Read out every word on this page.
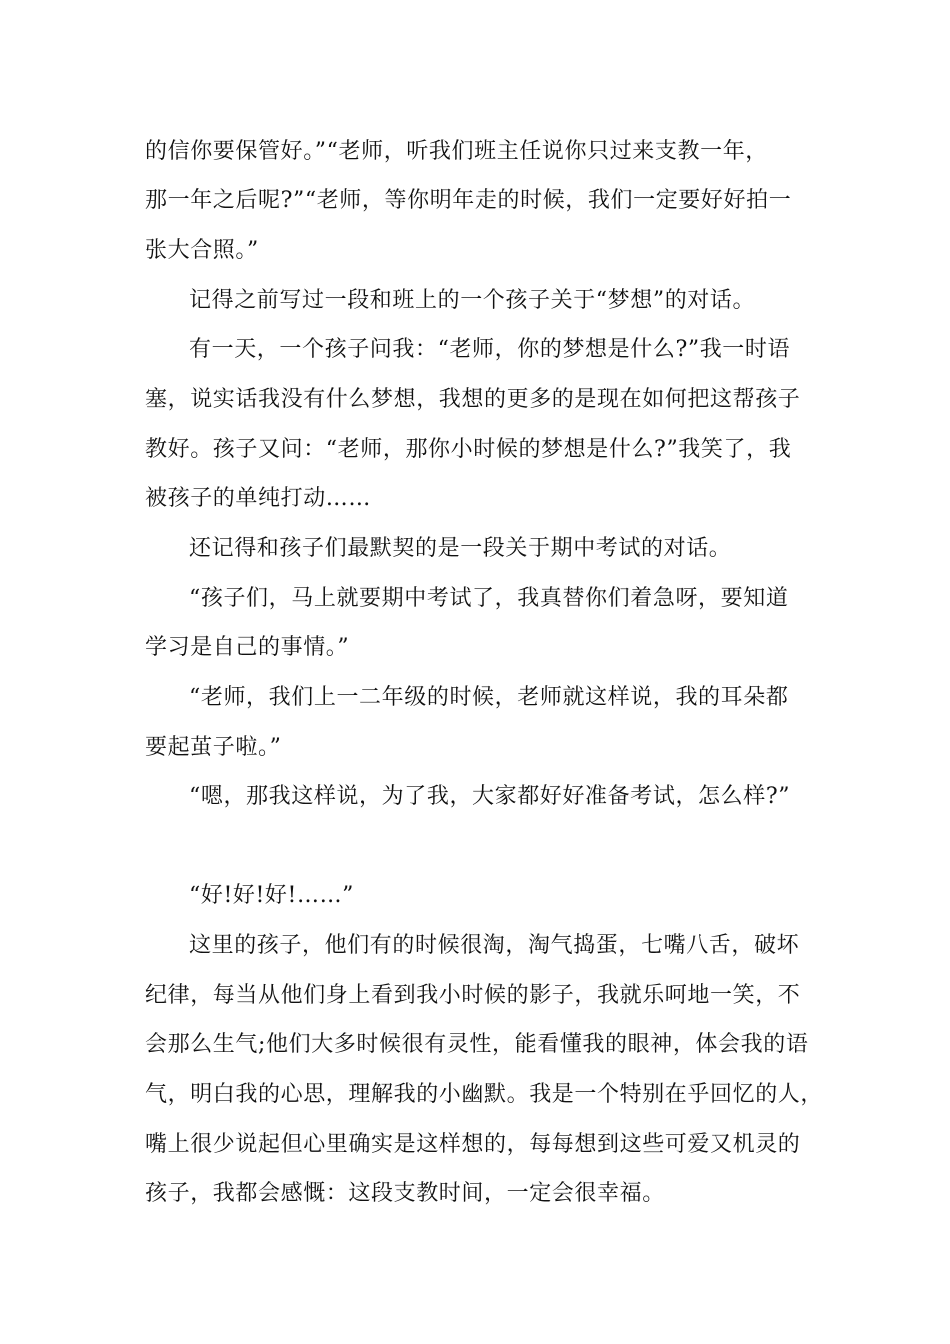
的信你要保管好。”“老师，听我们班主任说你只过来支教一年，
那一年之后呢?”“老师，等你明年走的时候，我们一定要好好拍一
张大合照。”
记得之前写过一段和班上的一个孩子关于“梦想”的对话。
有一天，一个孩子问我：“老师，你的梦想是什么?”我一时语
塞，说实话我没有什么梦想，我想的更多的是现在如何把这帮孩子
教好。孩子又问：“老师，那你小时候的梦想是什么?”我笑了，我
被孩子的单纯打动……
还记得和孩子们最默契的是一段关于期中考试的对话。
“孩子们，马上就要期中考试了，我真替你们着急呀，要知道
学习是自己的事情。”
“老师，我们上一二年级的时候，老师就这样说，我的耳朵都
要起茧子啦。”
“嗯，那我这样说，为了我，大家都好好准备考试，怎么样?”
“好!好!好!……”
这里的孩子，他们有的时候很淘，淘气捣蛋，七嘴八舌，破坏
纪律，每当从他们身上看到我小时候的影子，我就乐呵地一笑，不
会那么生气;他们大多时候很有灵性，能看懂我的眼神，体会我的语
气，明白我的心思，理解我的小幽默。我是一个特别在乎回忆的人，
嘴上很少说起但心里确实是这样想的，每每想到这些可爱又机灵的
孩子，我都会感慨：这段支教时间，一定会很幸福。
